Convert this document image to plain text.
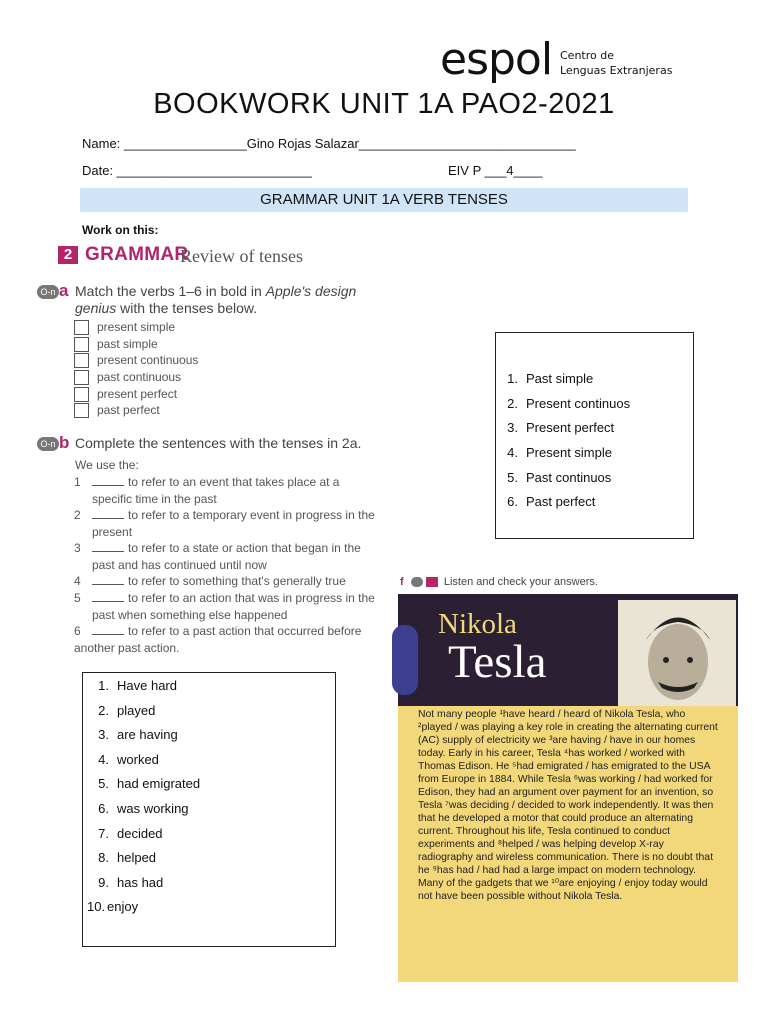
espol Centro de
Lenguas Extranjeras
BOOKWORK UNIT 1A PAO2-2021
Name: _________________Gino Rojas Salazar______________________________
Date: ___________________________	EIV P ___4____
GRAMMAR UNIT 1A VERB TENSES
Work on this:
2 GRAMMAR
Review of tenses
O-n a Match the verbs 1–6 in bold in Apple's design
genius with the tenses below.
present simple
past simple
present continuous
past continuous
present perfect
past perfect
O-n b Complete the sentences with the tenses in 2a.
We use the:
1	to refer to an event that takes place at a
specific time in the past
2	to refer to a temporary event in progress in the
present
3	to refer to a state or action that began in the
past and has continued until now
4	to refer to something that's generally true
5	to refer to an action that was in progress in the
past when something else happened
6	to refer to a past action that occurred before
another past action.
1. Past simple
2. Present continuos
3. Present perfect
4. Present simple
5. Past continuos
6. Past perfect
1. Have hard
2. played
3. are having
4. worked
5. had emigrated
6. was working
7. decided
8. helped
9. has had
10. enjoy
f	Listen and check your answers.
Nikola
Tesla
Not many people ¹have heard / heard of Nikola Tesla, who ²played / was playing a key role in creating the alternating current (AC) supply of electricity we ³are having / have in our homes today. Early in his career, Tesla ⁴has worked / worked with Thomas Edison. He ⁵had emigrated / has emigrated to the USA from Europe in 1884. While Tesla ⁶was working / had worked for Edison, they had an argument over payment for an invention, so Tesla ⁷was deciding / decided to work independently. It was then that he developed a motor that could produce an alternating current. Throughout his life, Tesla continued to conduct experiments and ⁸helped / was helping develop X-ray radiography and wireless communication. There is no doubt that he ⁹has had / had had a large impact on modern technology. Many of the gadgets that we ¹⁰are enjoying / enjoy today would not have been possible without Nikola Tesla.
